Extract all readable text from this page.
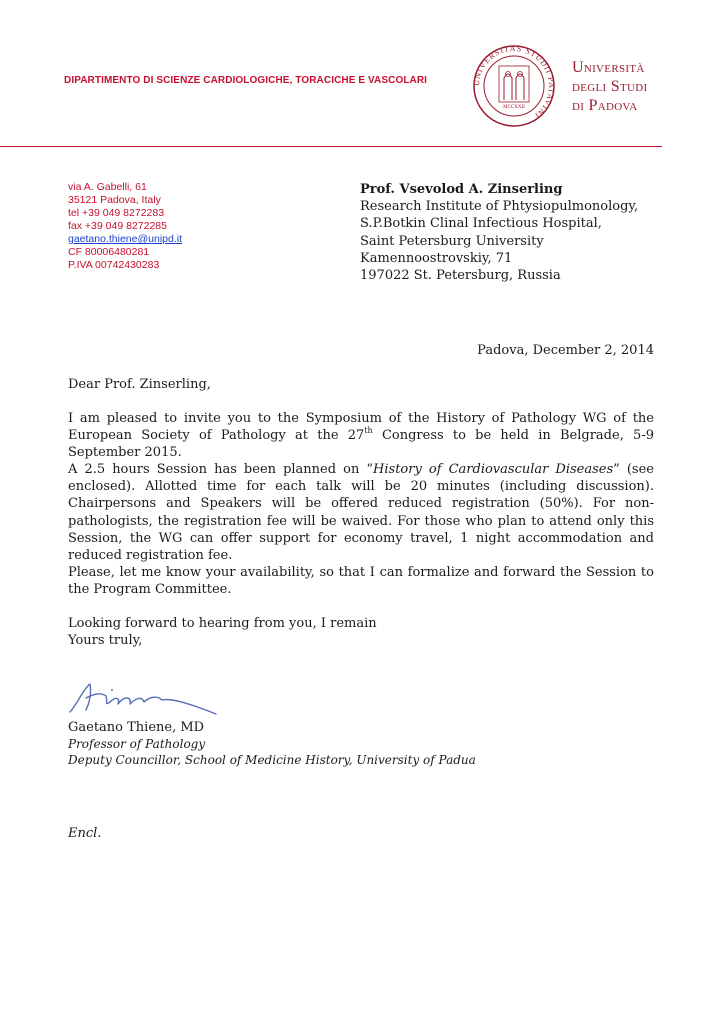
DIPARTIMENTO DI SCIENZE CARDIOLOGICHE, TORACICHE E VASCOLARI	UNIVERSITAS STUDII PATAVINI
MCCXXII
Università
degli Studi
di Padova
via A. Gabelli, 61
35121 Padova, Italy
tel +39 049 8272283
fax +39 049 8272285
gaetano.thiene@unipd.it
CF 80006480281
P.IVA 00742430283
Prof. Vsevolod A. Zinserling
Research Institute of Phtysiopulmonology,
S.P.Botkin Clinal Infectious Hospital,
Saint Petersburg University
Kamennoostrovskiy, 71
197022 St. Petersburg, Russia
Padova, December 2, 2014
Dear Prof. Zinserling,
I am pleased to invite you to the Symposium of the History of Pathology WG of the European Society of Pathology at the 27th Congress to be held in Belgrade, 5-9 September 2015.
A 2.5 hours Session has been planned on “History of Cardiovascular Diseases” (see enclosed). Allotted time for each talk will be 20 minutes (including discussion). Chairpersons and Speakers will be offered reduced registration (50%). For non-pathologists, the registration fee will be waived. For those who plan to attend only this Session, the WG can offer support for economy travel, 1 night accommodation and reduced registration fee.
Please, let me know your availability, so that I can formalize and forward the Session to the Program Committee.
Looking forward to hearing from you, I remain
Yours truly,
Gaetano Thiene, MD
Professor of Pathology
Deputy Councillor, School of Medicine History, University of Padua
Encl.
